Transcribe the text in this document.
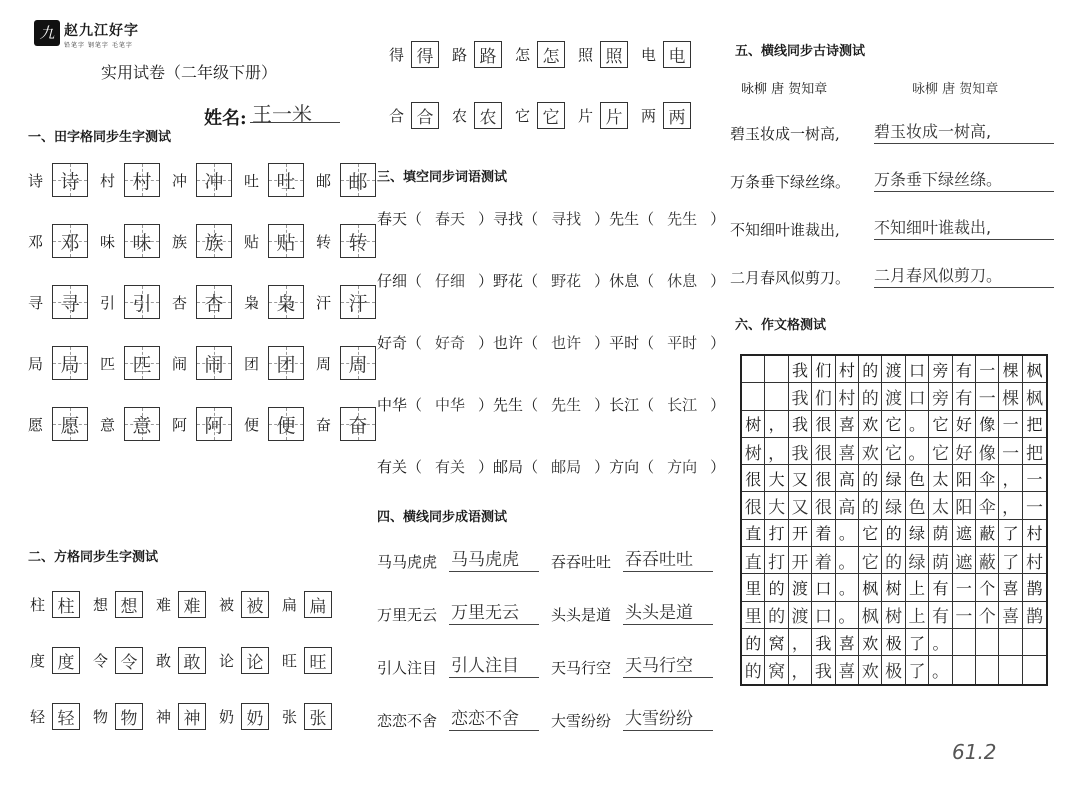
九 赵九江好字
铅笔字 钢笔字 毛笔字
实用试卷（二年级下册）
姓名: 王一米
一、田字格同步生字测试
诗 诗 村 村 冲 冲 吐 吐 邮 邮
邓 邓 味 味 族 族 贴 贴 转 转
寻 寻 引 引 杏 杏 枭 枭 汗 汗
局 局 匹 匹 闹 闹 团 团 周 周
愿 愿 意 意 阿 阿 便 便 奋 奋
二、方格同步生字测试
柱 柱 想 想 难 难 被 被 扁 扁
度 度 令 令 敢 敢 论 论 旺 旺
轻 轻 物 物 神 神 奶 奶 张 张
得 得 路 路 怎 怎 照 照 电 电
合 合 农 农 它 它 片 片 两 两
三、填空同步词语测试
春天（ 春天 ）寻找（ 寻找 ）先生（ 先生 ）
仔细（ 仔细 ）野花（ 野花 ）休息（ 休息 ）
好奇（ 好奇 ）也许（ 也许 ）平时（ 平时 ）
中华（ 中华 ）先生（ 先生 ）长江（ 长江 ）
有关（ 有关 ）邮局（ 邮局 ）方向（ 方向 ）
四、横线同步成语测试
马马虎虎 马马虎虎	吞吞吐吐 吞吞吐吐
万里无云 万里无云	头头是道 头头是道
引人注目 引人注目	天马行空 天马行空
恋恋不舍 恋恋不舍	大雪纷纷 大雪纷纷
五、横线同步古诗测试
咏柳 唐 贺知章	咏柳 唐 贺知章
碧玉妆成一树高,	碧玉妆成一树高,
万条垂下绿丝绦。	万条垂下绿丝绦。
不知细叶谁裁出,	不知细叶谁裁出,
二月春风似剪刀。	二月春风似剪刀。
六、作文格测试
我 们 村 的 渡 口 旁 有 一 棵 枫
我 们 村 的 渡 口 旁 有 一 棵 枫
树 ， 我 很 喜 欢 它 。 它 好 像 一 把
树 ， 我 很 喜 欢 它 。 它 好 像 一 把
很 大 又 很 高 的 绿 色 太 阳 伞 ， 一
很 大 又 很 高 的 绿 色 太 阳 伞 ， 一
直 打 开 着 。 它 的 绿 荫 遮 蔽 了 村
直 打 开 着 。 它 的 绿 荫 遮 蔽 了 村
里 的 渡 口 。 枫 树 上 有 一 个 喜 鹊
里 的 渡 口 。 枫 树 上 有 一 个 喜 鹊
的 窝 ， 我 喜 欢 极 了 。
的 窝 ， 我 喜 欢 极 了 。
61.2
